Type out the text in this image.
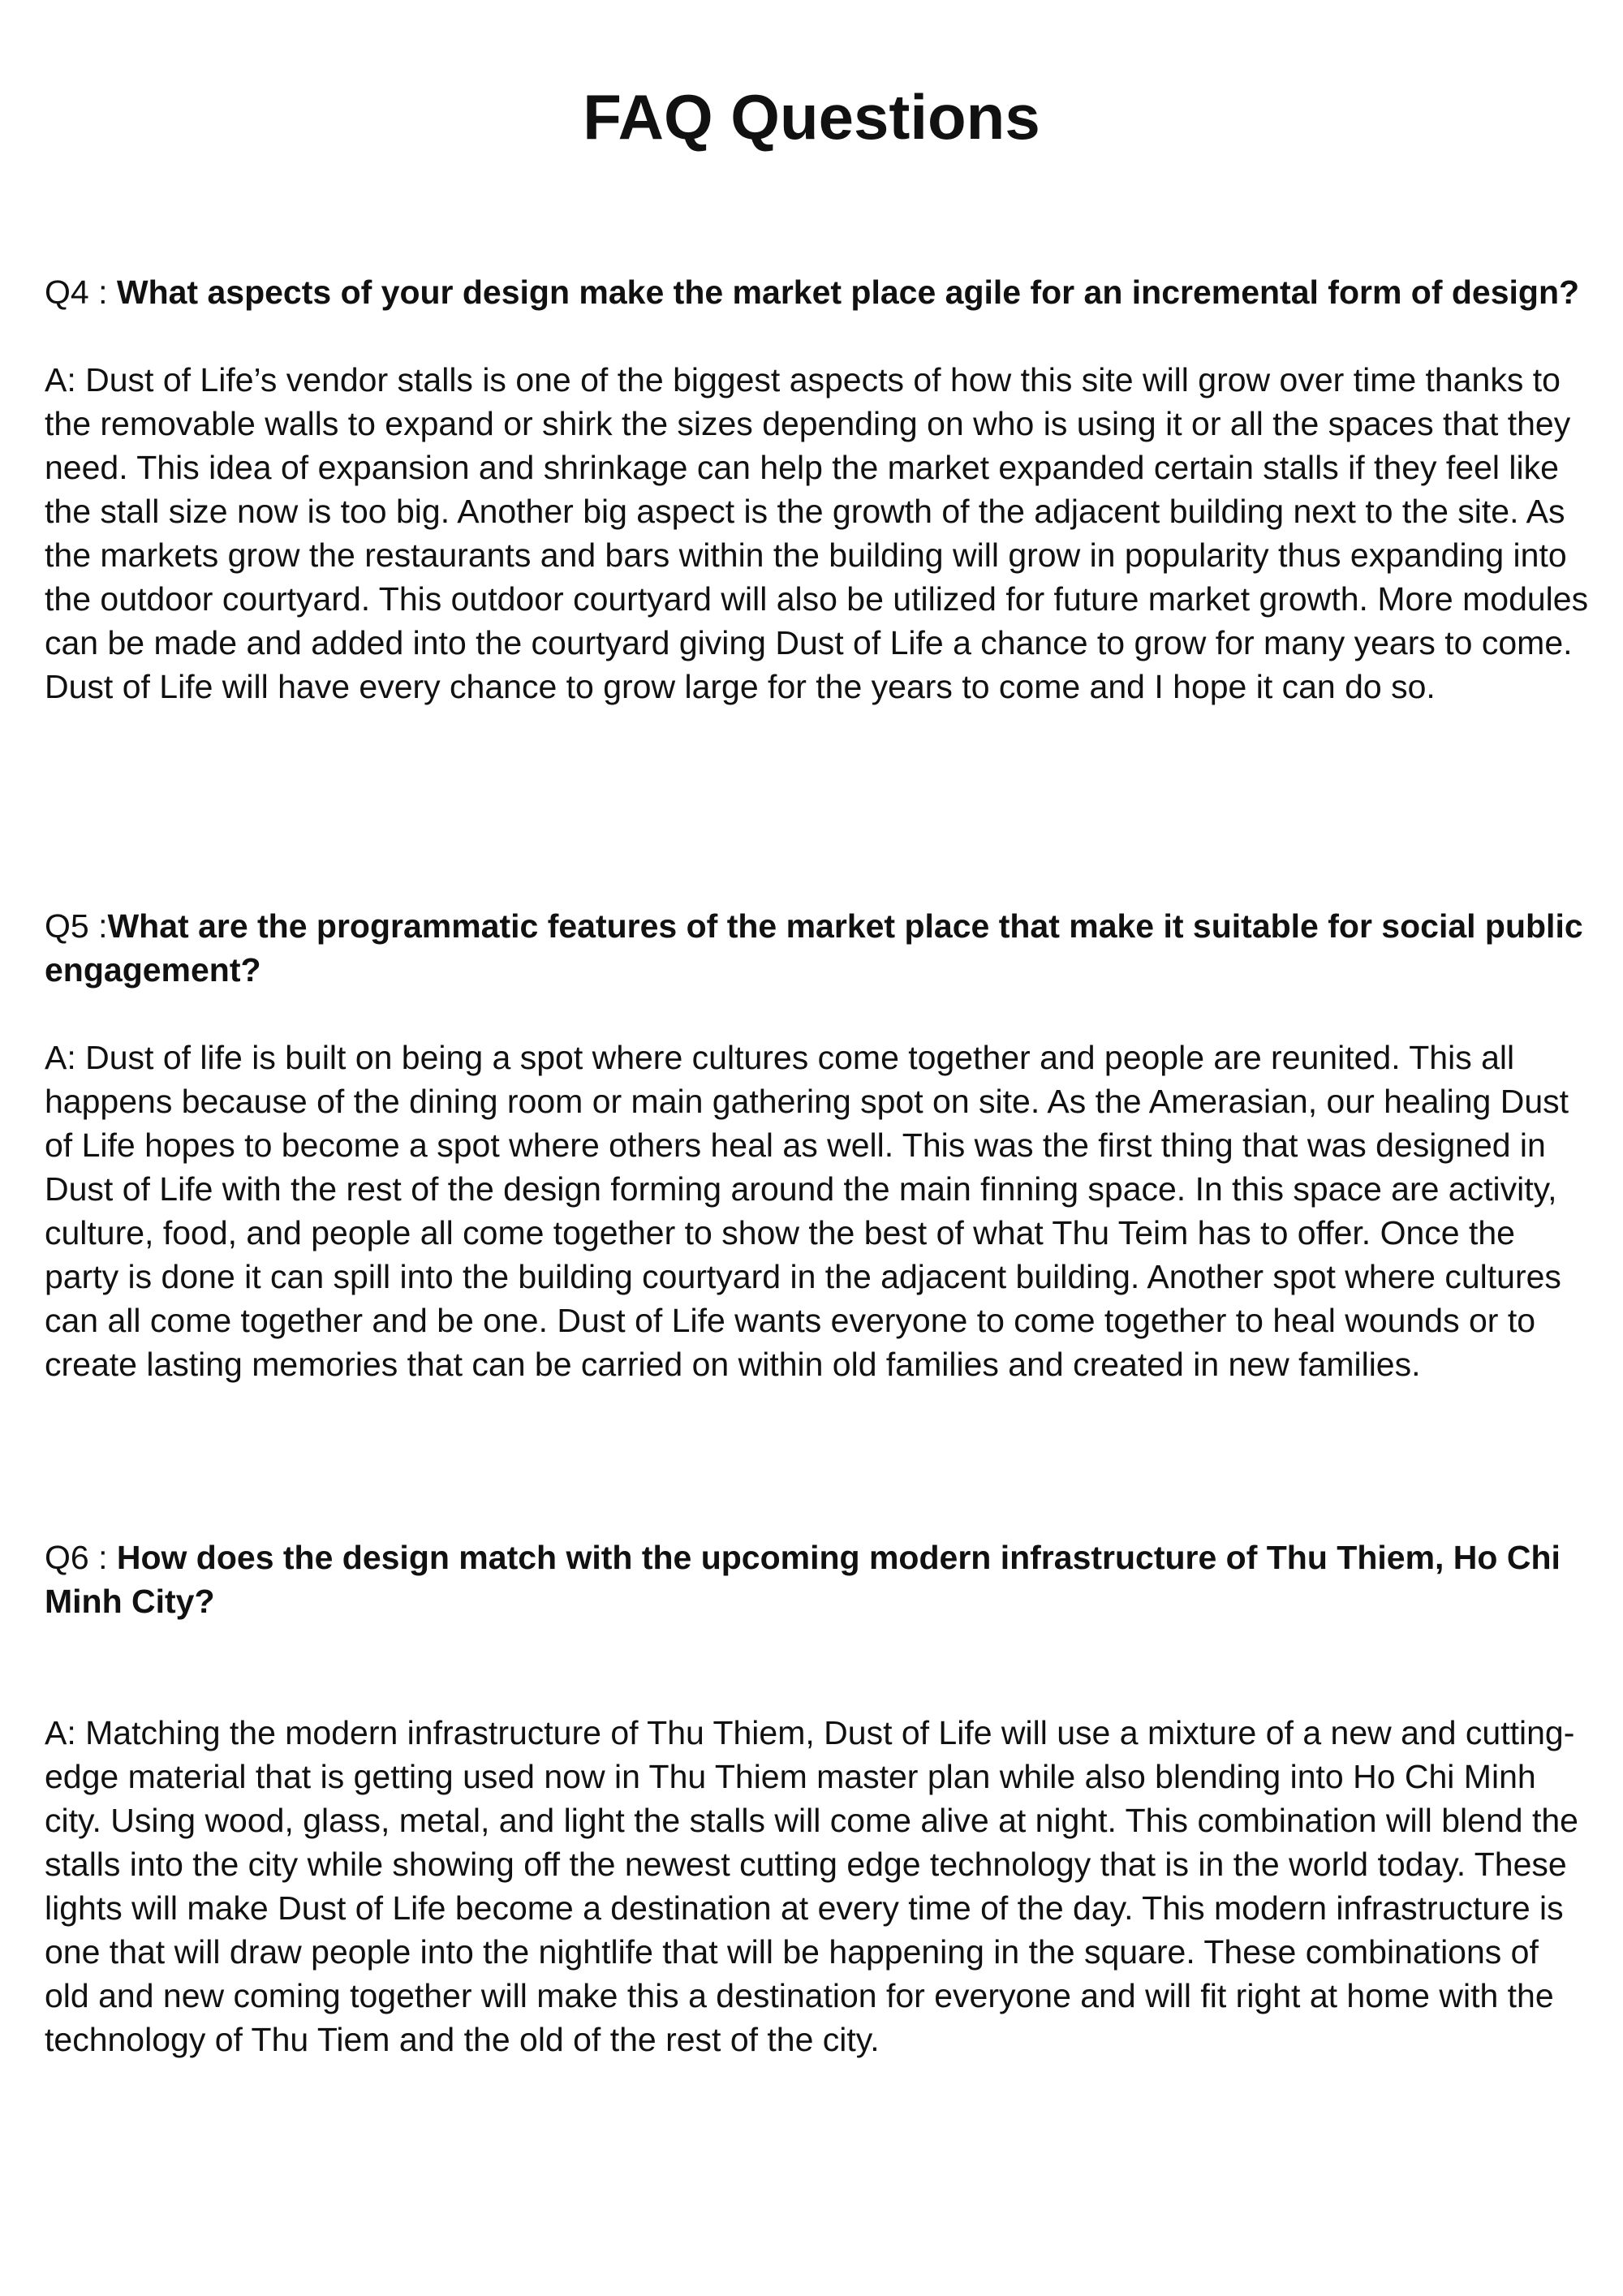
FAQ Questions

Q4 : What aspects of your design make the market place agile for an incremental form of design?

A: Dust of Life’s vendor stalls is one of the biggest aspects of how this site will grow over time thanks to the removable walls to expand or shirk the sizes depending on who is using it or all the spaces that they need. This idea of expansion and shrinkage can help the market expanded certain stalls if they feel like the stall size now is too big. Another big aspect is the growth of the adjacent building next to the site. As the markets grow the restaurants and bars within the building will grow in popularity thus expanding into the outdoor courtyard. This outdoor courtyard will also be utilized for future market growth. More modules can be made and added into the courtyard giving Dust of Life a chance to grow for many years to come. Dust of Life will have every chance to grow large for the years to come and I hope it can do so.

Q5 :What are the programmatic features of the market place that make it suitable for social public engagement?

A: Dust of life is built on being a spot where cultures come together and people are reunited. This all happens because of the dining room or main gathering spot on site. As the Amerasian, our healing Dust of Life hopes to become a spot where others heal as well. This was the first thing that was designed in Dust of Life with the rest of the design forming around the main finning space. In this space are activity, culture, food, and people all come together to show the best of what Thu Teim has to offer. Once the party is done it can spill into the building courtyard in the adjacent building. Another spot where cultures can all come together and be one. Dust of Life wants everyone to come together to heal wounds or to create lasting memories that can be carried on within old families and created in new families.

Q6 : How does the design match with the upcoming modern infrastructure of Thu Thiem, Ho Chi Minh City?

A: Matching the modern infrastructure of Thu Thiem, Dust of Life will use a mixture of a new and cutting-edge material that is getting used now in Thu Thiem master plan while also blending into Ho Chi Minh city. Using wood, glass, metal, and light the stalls will come alive at night. This combination will blend the stalls into the city while showing off the newest cutting edge technology that is in the world today. These lights will make Dust of Life become a destination at every time of the day. This modern infrastructure is one that will draw people into the nightlife that will be happening in the square. These combinations of old and new coming together will make this a destination for everyone and will fit right at home with the technology of Thu Tiem and the old of the rest of the city.
